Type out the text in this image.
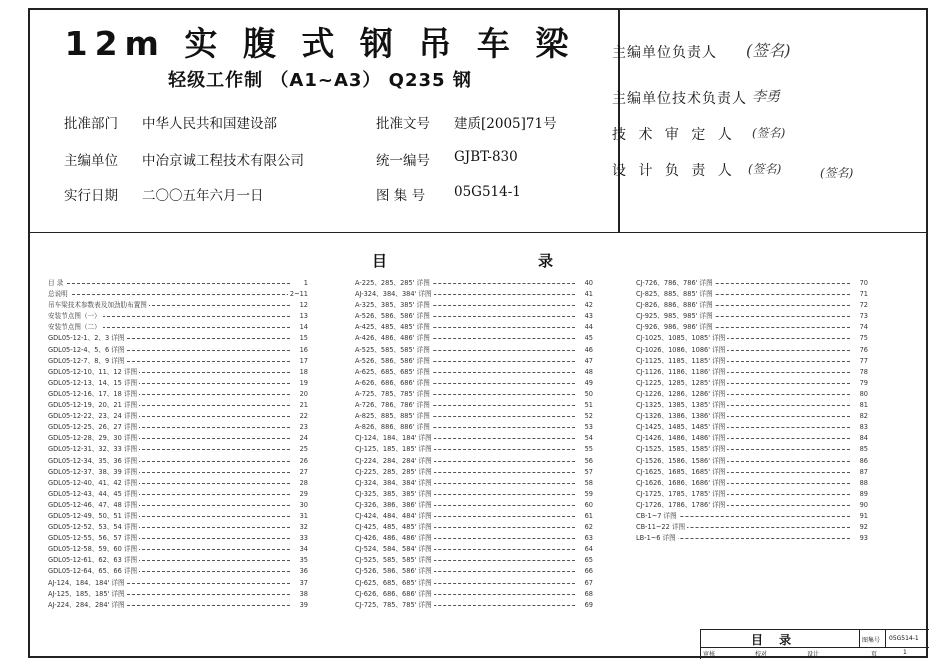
12m 实 腹 式 钢 吊 车 梁
轻级工作制 （A1~A3） Q235 钢
批准部门 中华人民共和国建设部
主编单位 中冶京诚工程技术有限公司
实行日期 二〇〇五年六月一日
批准文号 建质[2005]71号
统一编号 GJBT-830
图 集 号 05G514-1
主编单位负责人 (签名)
主编单位技术负责人 李勇
技 术 审 定 人 (签名)
设 计 负 责 人 (签名)	(签名)
目	录
目 录	1
总说明	2~11
吊车梁技术参数表及加劲肋布置图	12
安装节点图（一）	13
安装节点图（二）	14
GDL05-12-1、2、3 详图	15
GDL05-12-4、5、6 详图	16
GDL05-12-7、8、9 详图	17
GDL05-12-10、11、12 详图	18
GDL05-12-13、14、15 详图	19
GDL05-12-16、17、18 详图	20
GDL05-12-19、20、21 详图	21
GDL05-12-22、23、24 详图	22
GDL05-12-25、26、27 详图	23
GDL05-12-28、29、30 详图	24
GDL05-12-31、32、33 详图	25
GDL05-12-34、35、36 详图	26
GDL05-12-37、38、39 详图	27
GDL05-12-40、41、42 详图	28
GDL05-12-43、44、45 详图	29
GDL05-12-46、47、48 详图	30
GDL05-12-49、50、51 详图	31
GDL05-12-52、53、54 详图	32
GDL05-12-55、56、57 详图	33
GDL05-12-58、59、60 详图	34
GDL05-12-61、62、63 详图	35
GDL05-12-64、65、66 详图	36
AJ-124、184、184' 详图	37
AJ-125、185、185' 详图	38
AJ-224、284、284' 详图	39
A-225、285、285' 详图	40
AJ-324、384、384' 详图	41
A-325、385、385' 详图	42
A-526、586、586' 详图	43
A-425、485、485' 详图	44
A-426、486、486' 详图	45
A-525、585、585' 详图	46
A-526、586、586' 详图	47
A-625、685、685' 详图	48
A-626、686、686' 详图	49
A-725、785、785' 详图	50
A-726、786、786' 详图	51
A-825、885、885' 详图	52
A-826、886、886' 详图	53
CJ-124、184、184' 详图	54
CJ-125、185、185' 详图	55
CJ-224、284、284' 详图	56
CJ-225、285、285' 详图	57
CJ-324、384、384' 详图	58
CJ-325、385、385' 详图	59
CJ-326、386、386' 详图	60
CJ-424、484、484' 详图	61
CJ-425、485、485' 详图	62
CJ-426、486、486' 详图	63
CJ-524、584、584' 详图	64
CJ-525、585、585' 详图	65
CJ-526、586、586' 详图	66
CJ-625、685、685' 详图	67
CJ-626、686、686' 详图	68
CJ-725、785、785' 详图	69
CJ-726、786、786' 详图	70
CJ-825、885、885' 详图	71
CJ-826、886、886' 详图	72
CJ-925、985、985' 详图	73
CJ-926、986、986' 详图	74
CJ-1025、1085、1085' 详图	75
CJ-1026、1086、1086' 详图	76
CJ-1125、1185、1185' 详图	77
CJ-1126、1186、1186' 详图	78
CJ-1225、1285、1285' 详图	79
CJ-1226、1286、1286' 详图	80
CJ-1325、1385、1385' 详图	81
CJ-1326、1386、1386' 详图	82
CJ-1425、1485、1485' 详图	83
CJ-1426、1486、1486' 详图	84
CJ-1525、1585、1585' 详图	85
CJ-1526、1586、1586' 详图	86
CJ-1625、1685、1685' 详图	87
CJ-1626、1686、1686' 详图	88
CJ-1725、1785、1785' 详图	89
CJ-1726、1786、1786' 详图	90
CB-1~7 详图	91
CB-11~22 详图	92
LB-1~6 详图	93
目 录	图集号 05G514-1
审核	校对	设计	页	1
